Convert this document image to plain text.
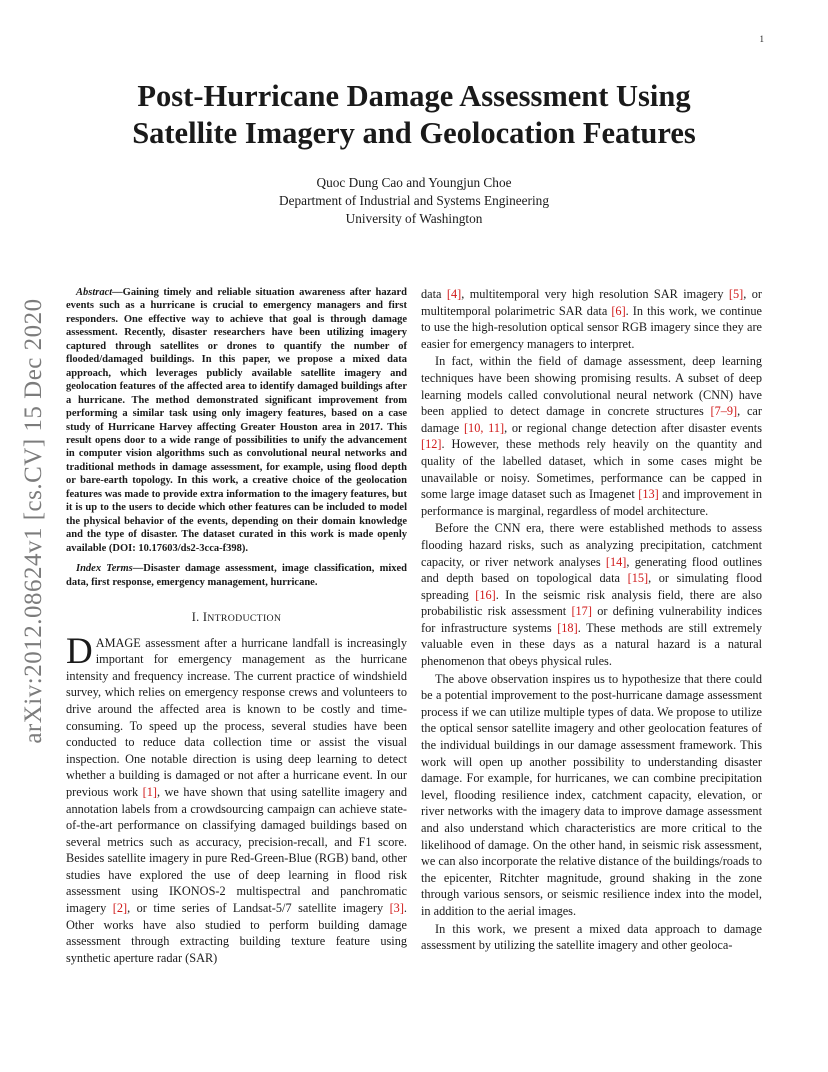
1
arXiv:2012.08624v1 [cs.CV] 15 Dec 2020
Post-Hurricane Damage Assessment Using
Satellite Imagery and Geolocation Features
Quoc Dung Cao and Youngjun Choe
Department of Industrial and Systems Engineering
University of Washington
Abstract—Gaining timely and reliable situation awareness after hazard events such as a hurricane is crucial to emergency managers and first responders. One effective way to achieve that goal is through damage assessment. Recently, disaster researchers have been utilizing imagery captured through satellites or drones to quantify the number of flooded/damaged buildings. In this paper, we propose a mixed data approach, which leverages publicly available satellite imagery and geolocation features of the affected area to identify damaged buildings after a hurricane. The method demonstrated significant improvement from performing a similar task using only imagery features, based on a case study of Hurricane Harvey affecting Greater Houston area in 2017. This result opens door to a wide range of possibilities to unify the advancement in computer vision algorithms such as convolutional neural networks and traditional methods in damage assessment, for example, using flood depth or bare-earth topology. In this work, a creative choice of the geolocation features was made to provide extra information to the imagery features, but it is up to the users to decide which other features can be included to model the physical behavior of the events, depending on their domain knowledge and the type of disaster. The dataset curated in this work is made openly available (DOI: 10.17603/ds2-3cca-f398).
Index Terms—Disaster damage assessment, image classification, mixed data, first response, emergency management, hurricane.
I. INTRODUCTION
DAMAGE assessment after a hurricane landfall is increasingly important for emergency management as the hurricane intensity and frequency increase. The current practice of windshield survey, which relies on emergency response crews and volunteers to drive around the affected area is known to be costly and time-consuming. To speed up the process, several studies have been conducted to reduce data collection time or assist the visual inspection. One notable direction is using deep learning to detect whether a building is damaged or not after a hurricane event. In our previous work [1], we have shown that using satellite imagery and annotation labels from a crowdsourcing campaign can achieve state-of-the-art performance on classifying damaged buildings based on several metrics such as accuracy, precision-recall, and F1 score. Besides satellite imagery in pure Red-Green-Blue (RGB) band, other studies have explored the use of deep learning in flood risk assessment using IKONOS-2 multispectral and panchromatic imagery [2], or time series of Landsat-5/7 satellite imagery [3]. Other works have also studied to perform building damage assessment through extracting building texture feature using synthetic aperture radar (SAR)

data [4], multitemporal very high resolution SAR imagery [5], or multitemporal polarimetric SAR data [6]. In this work, we continue to use the high-resolution optical sensor RGB imagery since they are easier for emergency managers to interpret.

In fact, within the field of damage assessment, deep learning techniques have been showing promising results. A subset of deep learning models called convolutional neural network (CNN) have been applied to detect damage in concrete structures [7–9], car damage [10, 11], or regional change detection after disaster events [12]. However, these methods rely heavily on the quantity and quality of the labelled dataset, which in some cases might be unavailable or noisy. Sometimes, performance can be capped in some large image dataset such as Imagenet [13] and improvement in performance is marginal, regardless of model architecture.

Before the CNN era, there were established methods to assess flooding hazard risks, such as analyzing precipitation, catchment capacity, or river network analyses [14], generating flood outlines and depth based on topological data [15], or simulating flood spreading [16]. In the seismic risk analysis field, there are also probabilistic risk assessment [17] or defining vulnerability indices for infrastructure systems [18]. These methods are still extremely valuable even in these days as a natural hazard is a natural phenomenon that obeys physical rules.

The above observation inspires us to hypothesize that there could be a potential improvement to the post-hurricane damage assessment process if we can utilize multiple types of data. We propose to utilize the optical sensor satellite imagery and other geolocation features of the individual buildings in our damage assessment framework. This work will open up another possibility to understanding disaster damage. For example, for hurricanes, we can combine precipitation level, flooding resilience index, catchment capacity, elevation, or river networks with the imagery data to improve damage assessment and also understand which characteristics are more critical to the likelihood of damage. On the other hand, in seismic risk assessment, we can also incorporate the relative distance of the buildings/roads to the epicenter, Ritchter magnitude, ground shaking in the zone through various sensors, or seismic resilience index into the model, in addition to the aerial images.

In this work, we present a mixed data approach to damage assessment by utilizing the satellite imagery and other geoloca-
